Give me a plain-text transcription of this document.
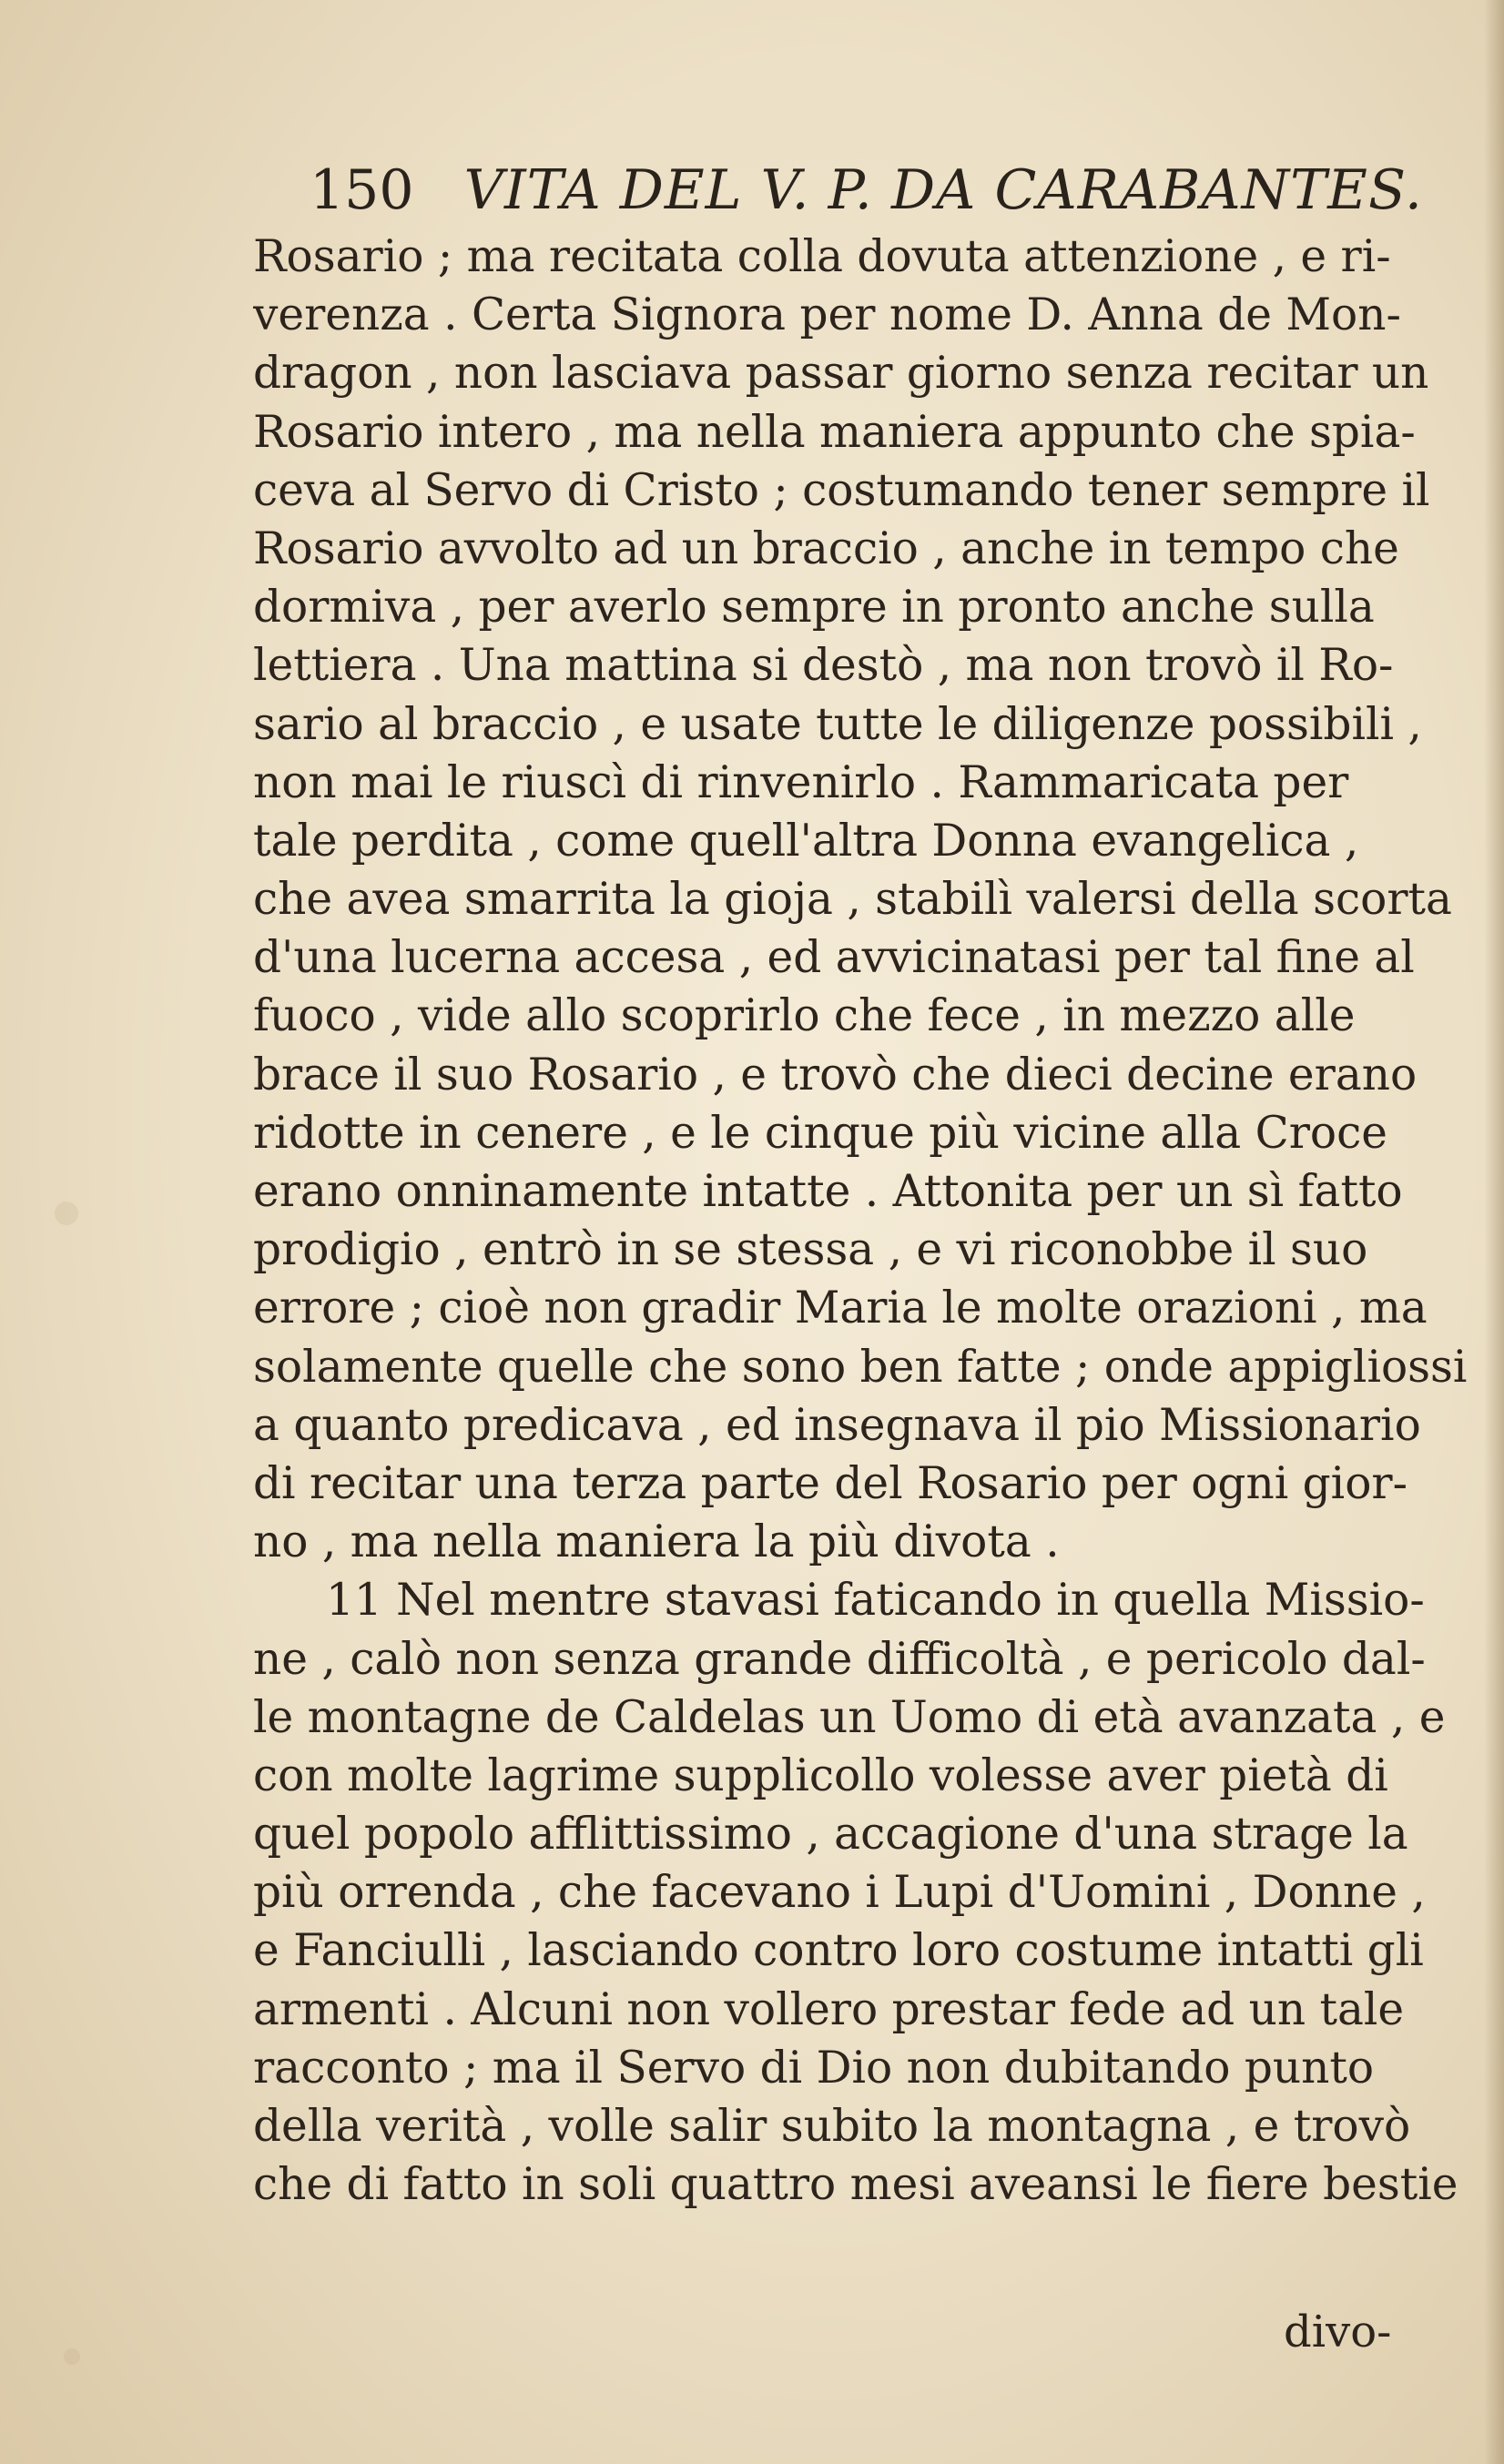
150 VITA DEL V. P. DA CARABANTES.
Rosario ; ma recitata colla dovuta attenzione , e ri-
verenza . Certa Signora per nome D. Anna de Mon-
dragon , non lasciava passar giorno senza recitar un
Rosario intero , ma nella maniera appunto che spia-
ceva al Servo di Cristo ; costumando tener sempre il
Rosario avvolto ad un braccio , anche in tempo che
dormiva , per averlo sempre in pronto anche sulla
lettiera . Una mattina si destò , ma non trovò il Ro-
sario al braccio , e usate tutte le diligenze possibili ,
non mai le riuscì di rinvenirlo . Rammaricata per
tale perdita , come quell'altra Donna evangelica ,
che avea smarrita la gioja , stabilì valersi della scorta
d'una lucerna accesa , ed avvicinatasi per tal fine al
fuoco , vide allo scoprirlo che fece , in mezzo alle
brace il suo Rosario , e trovò che dieci decine erano
ridotte in cenere , e le cinque più vicine alla Croce
erano onninamente intatte . Attonita per un sì fatto
prodigio , entrò in se stessa , e vi riconobbe il suo
errore ; cioè non gradir Maria le molte orazioni , ma
solamente quelle che sono ben fatte ; onde appigliossi
a quanto predicava , ed insegnava il pio Missionario
di recitar una terza parte del Rosario per ogni gior-
no , ma nella maniera la più divota .
11 Nel mentre stavasi faticando in quella Missio-
ne , calò non senza grande difficoltà , e pericolo dal-
le montagne de Caldelas un Uomo di età avanzata , e
con molte lagrime supplicollo volesse aver pietà di
quel popolo afflittissimo , accagione d'una strage la
più orrenda , che facevano i Lupi d'Uomini , Donne ,
e Fanciulli , lasciando contro loro costume intatti gli
armenti . Alcuni non vollero prestar fede ad un tale
racconto ; ma il Servo di Dio non dubitando punto
della verità , volle salir subito la montagna , e trovò
che di fatto in soli quattro mesi aveansi le fiere bestie
divo-
